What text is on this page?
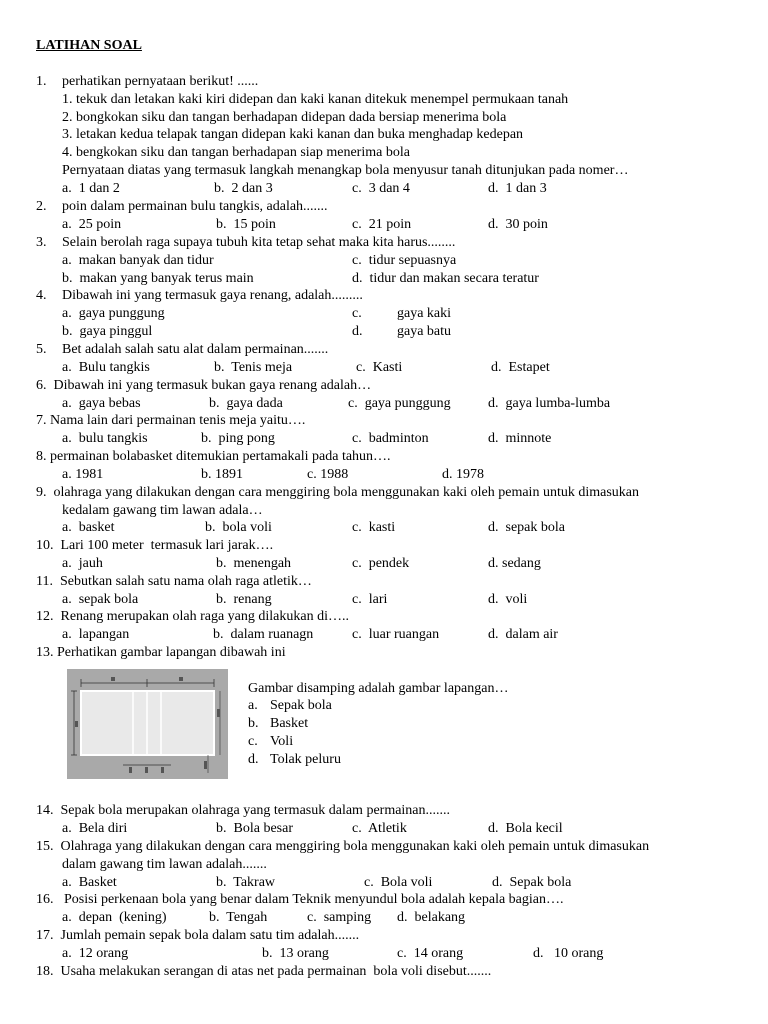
LATIHAN SOAL
1. perhatikan pernyataan berikut! ......
1. tekuk dan letakan kaki kiri didepan dan kaki kanan ditekuk menempel permukaan tanah
2. bongkokan siku dan tangan berhadapan didepan dada bersiap menerima bola
3. letakan kedua telapak tangan didepan kaki kanan dan buka menghadap kedepan
4. bengkokan siku dan tangan berhadapan siap menerima bola
Pernyataan diatas yang termasuk langkah menangkap bola menyusur tanah ditunjukan pada nomer…
a.  1 dan 2	b.  2 dan 3	c.  3 dan 4	d.  1 dan 3
2. poin dalam permainan bulu tangkis, adalah.......
a.  25 poin	b.  15 poin	c.  21 poin	d.  30 poin
3. Selain berolah raga supaya tubuh kita tetap sehat maka kita harus........
a.  makan banyak dan tidur	c.  tidur sepuasnya
b.  makan yang banyak terus main	d.  tidur dan makan secara teratur
4. Dibawah ini yang termasuk gaya renang, adalah.........
a.  gaya punggung	c.	gaya kaki
b.  gaya pinggul	d. gaya batu
5. Bet adalah salah satu alat dalam permainan.......
a.  Bulu tangkis	b.  Tenis meja	c.  Kasti	d.  Estapet
6.  Dibawah ini yang termasuk bukan gaya renang adalah…
a.  gaya bebas	b.  gaya dada	c.  gaya punggung	d.  gaya lumba-lumba
7. Nama lain dari permainan tenis meja yaitu….
a.  bulu tangkis	b.  ping pong	c.  badminton	d.  minnote
8. permainan bolabasket ditemukian pertamakali pada tahun….
a. 1981	b. 1891	c. 1988	d. 1978
9.  olahraga yang dilakukan dengan cara menggiring bola menggunakan kaki oleh pemain untuk dimasukan
kedalam gawang tim lawan adala…
a.  basket	b.  bola voli	c.  kasti	d.  sepak bola
10.  Lari 100 meter  termasuk lari jarak….
a.  jauh	b.  menengah	c.  pendek	d. sedang
11.  Sebutkan salah satu nama olah raga atletik…
a.  sepak bola	b.  renang	c.  lari	d.  voli
12.  Renang merupakan olah raga yang dilakukan di…..
a.  lapangan	b.  dalam ruanagn	c.  luar ruangan	d.  dalam air
13. Perhatikan gambar lapangan dibawah ini
Gambar disamping adalah gambar lapangan…
a. Sepak bola
b. Basket
c. Voli
d. Tolak peluru
14.  Sepak bola merupakan olahraga yang termasuk dalam permainan.......
a.  Bela diri	b.  Bola besar	c.  Atletik	d.  Bola kecil
15.  Olahraga yang dilakukan dengan cara menggiring bola menggunakan kaki oleh pemain untuk dimasukan
dalam gawang tim lawan adalah.......
a.  Basket	b.  Takraw	c.  Bola voli	d.  Sepak bola
16.   Posisi perkenaan bola yang benar dalam Teknik menyundul bola adalah kepala bagian….
a.  depan  (kening)	b.  Tengah	c.  samping d.  belakang
17.  Jumlah pemain sepak bola dalam satu tim adalah.......
a.  12 orang	b.  13 orang	c.  14 orang	d.   10 orang
18.  Usaha melakukan serangan di atas net pada permainan  bola voli disebut.......
